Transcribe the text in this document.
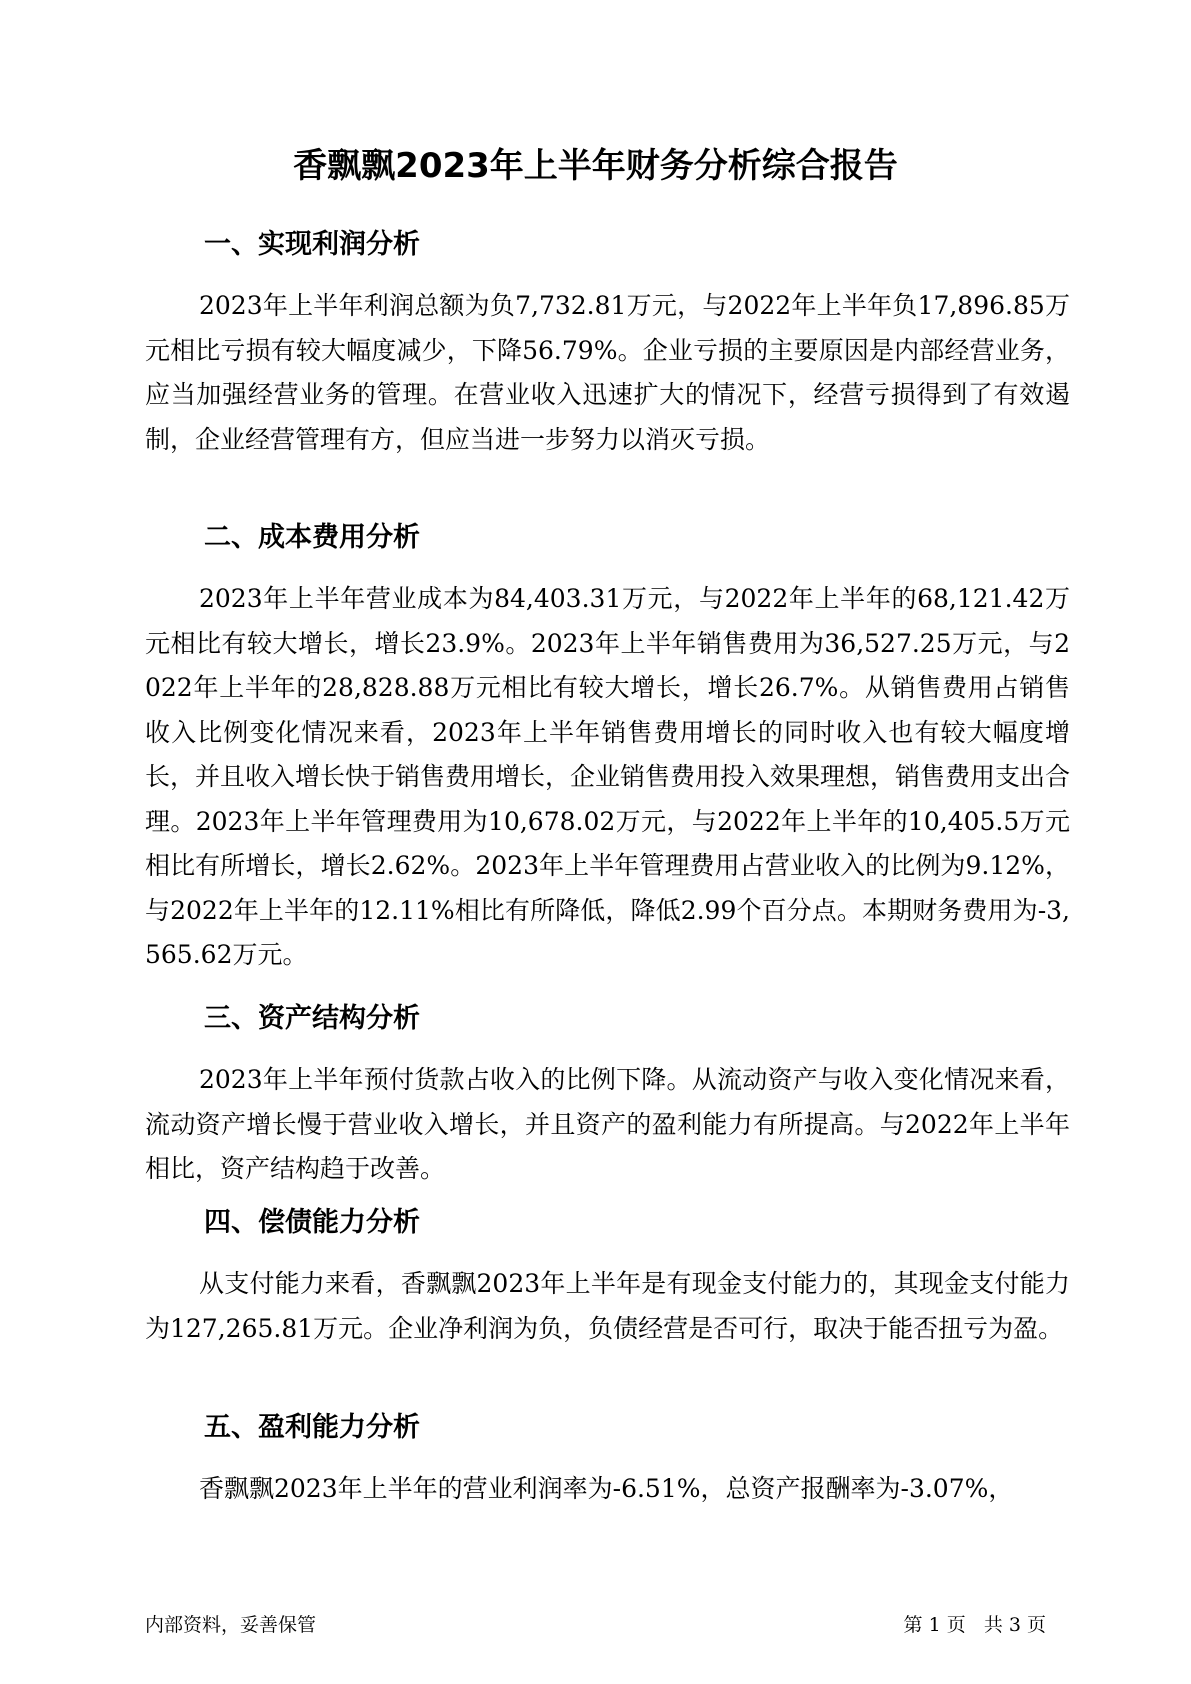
香飘飘2023年上半年财务分析综合报告
一、实现利润分析

2023年上半年利润总额为负7,732.81万元，与2022年上半年负17,896.85万元相比亏损有较大幅度减少，下降56.79%。企业亏损的主要原因是内部经营业务，应当加强经营业务的管理。在营业收入迅速扩大的情况下，经营亏损得到了有效遏制，企业经营管理有方，但应当进一步努力以消灭亏损。

二、成本费用分析

2023年上半年营业成本为84,403.31万元，与2022年上半年的68,121.42万元相比有较大增长，增长23.9%。2023年上半年销售费用为36,527.25万元，与2022年上半年的28,828.88万元相比有较大增长，增长26.7%。从销售费用占销售收入比例变化情况来看，2023年上半年销售费用增长的同时收入也有较大幅度增长，并且收入增长快于销售费用增长，企业销售费用投入效果理想，销售费用支出合理。2023年上半年管理费用为10,678.02万元，与2022年上半年的10,405.5万元相比有所增长，增长2.62%。2023年上半年管理费用占营业收入的比例为9.12%，与2022年上半年的12.11%相比有所降低，降低2.99个百分点。本期财务费用为-3,565.62万元。

三、资产结构分析

2023年上半年预付货款占收入的比例下降。从流动资产与收入变化情况来看，流动资产增长慢于营业收入增长，并且资产的盈利能力有所提高。与2022年上半年相比，资产结构趋于改善。

四、偿债能力分析

从支付能力来看，香飘飘2023年上半年是有现金支付能力的，其现金支付能力为127,265.81万元。企业净利润为负，负债经营是否可行，取决于能否扭亏为盈。

五、盈利能力分析

香飘飘2023年上半年的营业利润率为-6.51%，总资产报酬率为-3.07%，

内部资料，妥善保管	第 1 页   共 3 页
